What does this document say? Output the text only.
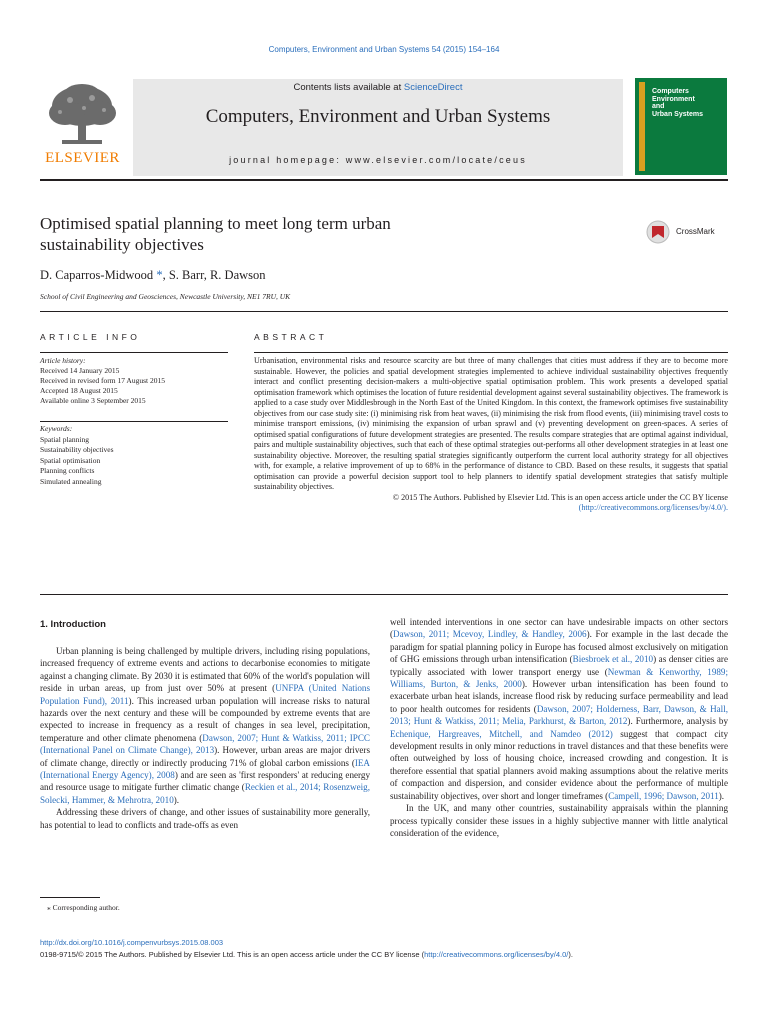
Computers, Environment and Urban Systems 54 (2015) 154–164
ELSEVIER
Contents lists available at ScienceDirect
Computers, Environment and Urban Systems
journal homepage: www.elsevier.com/locate/ceus
Computers
Environment
and
Urban Systems
Optimised spatial planning to meet long term urban
sustainability objectives
CrossMark
D. Caparros-Midwood *, S. Barr, R. Dawson
School of Civil Engineering and Geosciences, Newcastle University, NE1 7RU, UK
ARTICLE INFO	ABSTRACT
Article history:
Received 14 January 2015
Received in revised form 17 August 2015
Accepted 18 August 2015
Available online 3 September 2015
Keywords:
Spatial planning
Sustainability objectives
Spatial optimisation
Planning conflicts
Simulated annealing

Urbanisation, environmental risks and resource scarcity are but three of many challenges that cities must address if they are to become more sustainable. However, the policies and spatial development strategies implemented to achieve individual sustainability objectives frequently interact and conflict presenting decision-makers a multi-objective spatial optimisation problem. This work presents a developed spatial optimisation framework which optimises the location of future residential development against several sustainability objectives. The framework is applied to a case study over Middlesbrough in the North East of the United Kingdom. In this context, the framework optimises five sustainability objectives from our case study site: (i) minimising risk from heat waves, (ii) minimising the risk from flood events, (iii) minimising travel costs to minimise transport emissions, (iv) minimising the expansion of urban sprawl and (v) preventing development on green-spaces. A series of optimised spatial configurations of future development strategies are presented. The results compare strategies that are optimal against individual, pairs and multiple sustainability objectives, such that each of these optimal strategies out-performs all other development strategies in at least one sustainability objective. Moreover, the resulting spatial strategies significantly outperform the current local authority strategy for all objectives with, for example, a relative improvement of up to 68% in the performance of distance to CBD. Based on these results, it suggests that spatial optimisation can provide a powerful decision support tool to help planners to identify spatial development strategies that satisfy multiple sustainability objectives.

© 2015 The Authors. Published by Elsevier Ltd. This is an open access article under the CC BY license
(http://creativecommons.org/licenses/by/4.0/).
1. Introduction

Urban planning is being challenged by multiple drivers, including rising populations, increased frequency of extreme events and actions to decarbonise economies to mitigate against a changing climate. By 2030 it is estimated that 60% of the world's population will reside in urban areas, up from just over 50% at present (UNFPA (United Nations Population Fund), 2011). This increased urban population will increase risks to natural hazards over the next century and these will be compounded by extreme events that are expected to increase in frequency as a result of changes in sea level, precipitation, temperature and other climate phenomena (Dawson, 2007; Hunt & Watkiss, 2011; IPCC (International Panel on Climate Change), 2013). However, urban areas are major drivers of climate change, directly or indirectly producing 71% of global carbon emissions (IEA (International Energy Agency), 2008) and are seen as 'first responders' at reducing energy and resource usage to mitigate further climatic change (Reckien et al., 2014; Rosenzweig, Solecki, Hammer, & Mehrotra, 2010).

Addressing these drivers of change, and other issues of sustainability more generally, has potential to lead to conflicts and trade-offs as even

well intended interventions in one sector can have undesirable impacts on other sectors (Dawson, 2011; Mcevoy, Lindley, & Handley, 2006). For example in the last decade the paradigm for spatial planning policy in Europe has focused almost exclusively on mitigation of GHG emissions through urban intensification (Biesbroek et al., 2010) as denser cities are typically associated with lower transport energy use (Newman & Kenworthy, 1989; Williams, Burton, & Jenks, 2000). However urban intensification has been found to exacerbate urban heat islands, increase flood risk by reducing surface permeability and lead to poor health outcomes for residents (Dawson, 2007; Holderness, Barr, Dawson, & Hall, 2013; Hunt & Watkiss, 2011; Melia, Parkhurst, & Barton, 2012). Furthermore, analysis by Echenique, Hargreaves, Mitchell, and Namdeo (2012) suggest that compact city development results in only minor reductions in travel distances and that these benefits were often outweighed by loss of housing choice, increased crowding and congestion. It is therefore essential that spatial planners avoid making assumptions about the relative merits of compaction and dispersion, and consider evidence about the performance of multiple sustainability objectives, over short and longer timeframes (Campell, 1996; Dawson, 2011).

In the UK, and many other countries, sustainability appraisals within the planning process typically consider these issues in a highly subjective manner with little analytical consideration of the evidence,

⁎ Corresponding author.
http://dx.doi.org/10.1016/j.compenvurbsys.2015.08.003
0198-9715/© 2015 The Authors. Published by Elsevier Ltd. This is an open access article under the CC BY license (http://creativecommons.org/licenses/by/4.0/).
